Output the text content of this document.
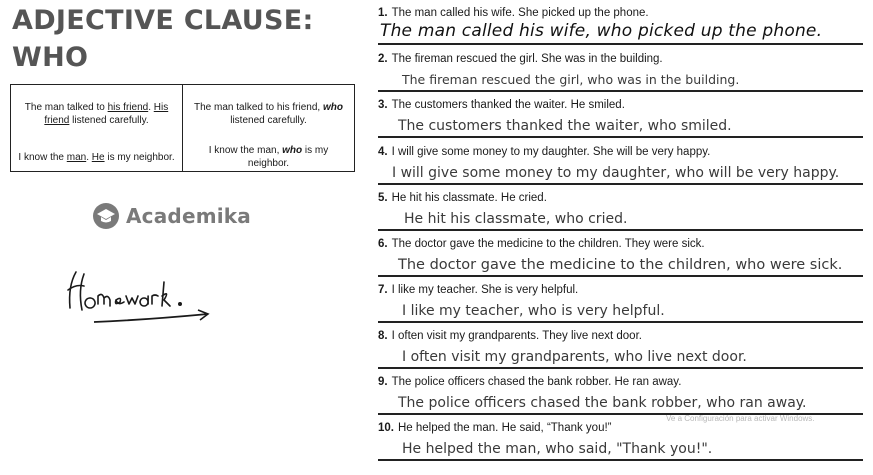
ADJECTIVE CLAUSE:
WHO
The man talked to his friend. His friend listened carefully.
I know the man. He is my neighbor.
The man talked to his friend, who listened carefully.
I know the man, who is my neighbor.
Academika
1. The man called his wife. She picked up the phone.
The man called his wife, who picked up the phone.
2. The fireman rescued the girl. She was in the building.
The fireman rescued the girl, who was in the building.
3. The customers thanked the waiter. He smiled.
The customers thanked the waiter, who smiled.
4. I will give some money to my daughter. She will be very happy.
I will give some money to my daughter, who will be very happy.
5. He hit his classmate. He cried.
He hit his classmate, who cried.
6. The doctor gave the medicine to the children. They were sick.
The doctor gave the medicine to the children, who were sick.
7. I like my teacher. She is very helpful.
I like my teacher, who is very helpful.
8. I often visit my grandparents. They live next door.
I often visit my grandparents, who live next door.
9. The police officers chased the bank robber. He ran away.
The police officers chased the bank robber, who ran away.
10. He helped the man. He said, “Thank you!”
He helped the man, who said, "Thank you!".
Ve a Configuración para activar Windows.
